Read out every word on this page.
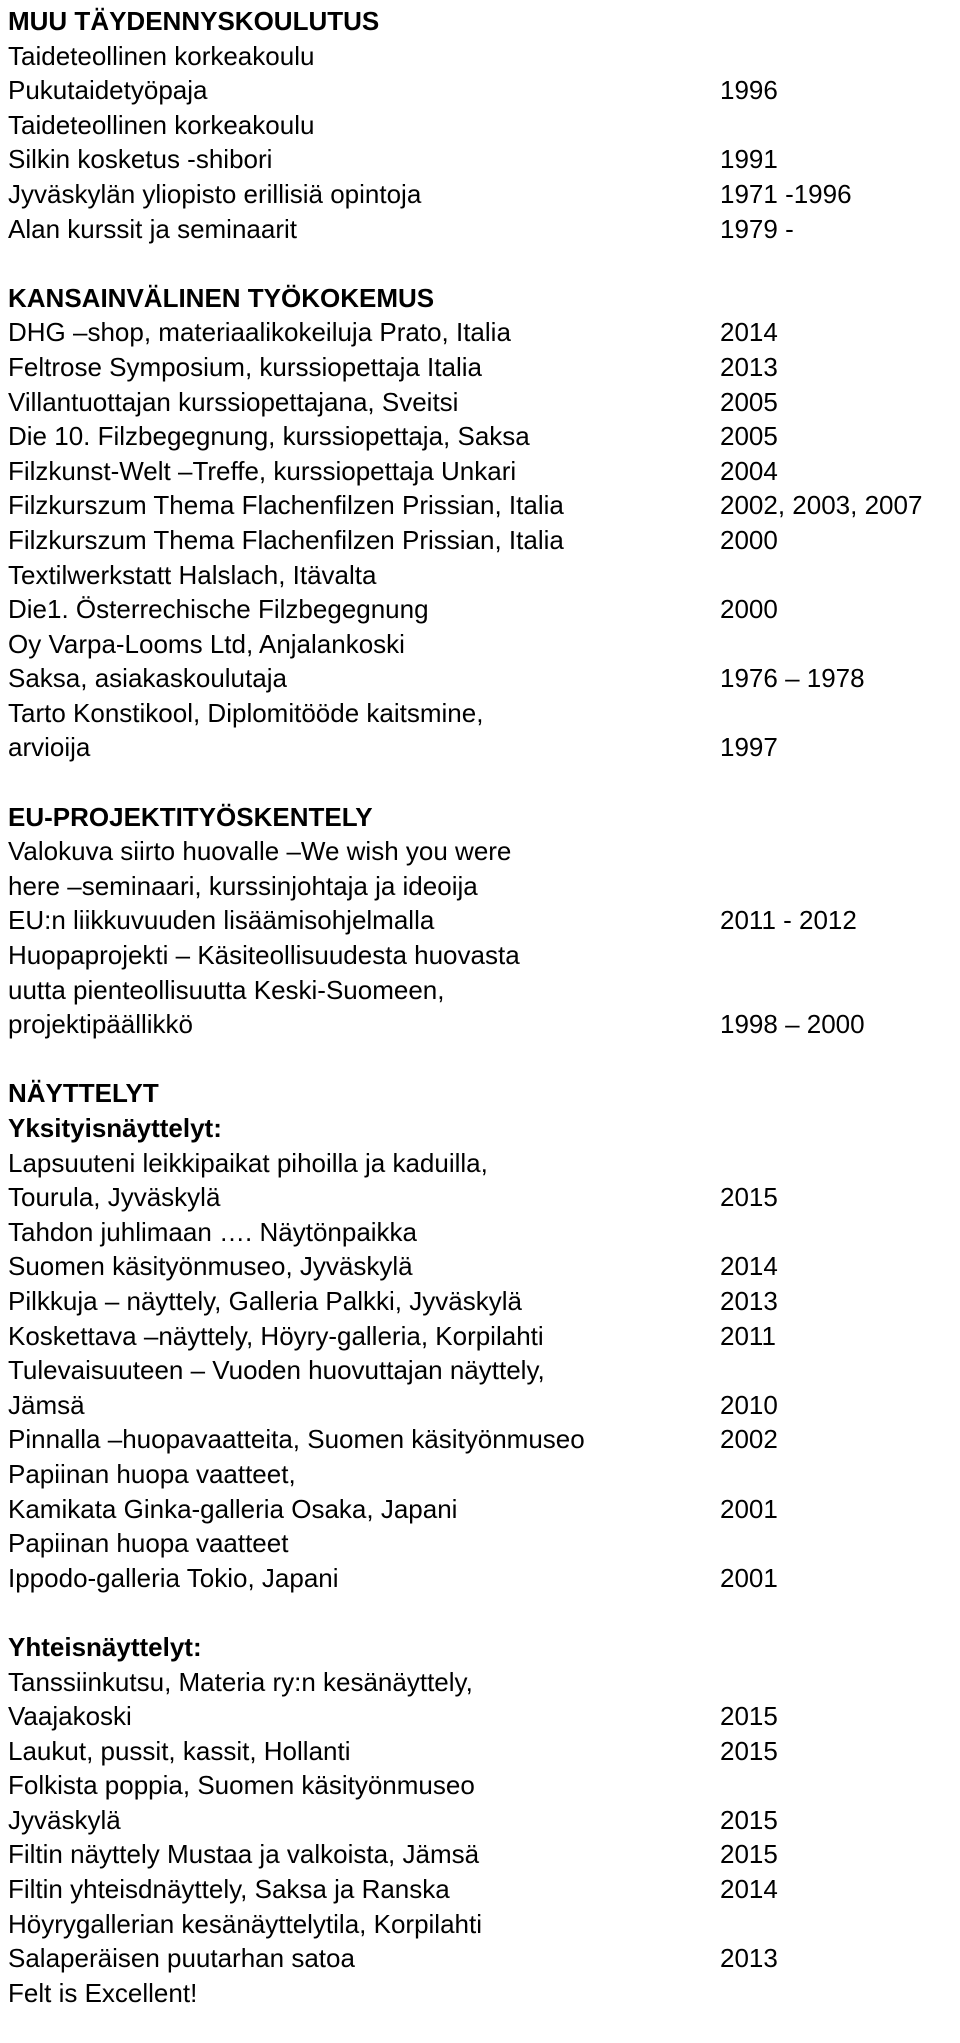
MUU TÄYDENNYSKOULUTUS
Taideteollinen korkeakoulu
Pukutaidetyöpaja	1996
Taideteollinen korkeakoulu
Silkin kosketus -shibori	1991
Jyväskylän yliopisto erillisiä opintoja	1971 -1996
Alan kurssit ja seminaarit	1979 -
KANSAINVÄLINEN TYÖKOKEMUS
DHG –shop, materiaalikokeiluja Prato, Italia	2014
Feltrose Symposium, kurssiopettaja Italia	2013
Villantuottajan kurssiopettajana, Sveitsi	2005
Die 10. Filzbegegnung, kurssiopettaja, Saksa	2005
Filzkunst-Welt –Treffe, kurssiopettaja Unkari	2004
Filzkurszum Thema Flachenfilzen Prissian, Italia	2002, 2003, 2007
Filzkurszum Thema Flachenfilzen Prissian, Italia	2000
Textilwerkstatt Halslach, Itävalta
Die1. Österrechische Filzbegegnung	2000
Oy Varpa-Looms Ltd, Anjalankoski
Saksa, asiakaskoulutaja	1976 – 1978
Tarto Konstikool, Diplomitööde kaitsmine,
arvioija	1997
EU-PROJEKTITYÖSKENTELY
Valokuva siirto huovalle –We wish you were
here –seminaari, kurssinjohtaja ja ideoija
EU:n liikkuvuuden lisäämisohjelmalla	2011 - 2012
Huopaprojekti – Käsiteollisuudesta huovasta
uutta pienteollisuutta Keski-Suomeen,
projektipäällikkö	1998 – 2000
NÄYTTELYT
Yksityisnäyttelyt:
Lapsuuteni leikkipaikat pihoilla ja kaduilla,
Tourula, Jyväskylä	2015
Tahdon juhlimaan …. Näytönpaikka
Suomen käsityönmuseo, Jyväskylä	2014
Pilkkuja – näyttely, Galleria Palkki, Jyväskylä	2013
Koskettava –näyttely, Höyry-galleria, Korpilahti	2011
Tulevaisuuteen – Vuoden huovuttajan näyttely,
Jämsä	2010
Pinnalla –huopavaatteita, Suomen käsityönmuseo	2002
Papiinan huopa vaatteet,
Kamikata Ginka-galleria Osaka, Japani	2001
Papiinan huopa vaatteet
Ippodo-galleria Tokio, Japani	2001
Yhteisnäyttelyt:
Tanssiinkutsu, Materia ry:n kesänäyttely,
Vaajakoski	2015
Laukut, pussit, kassit, Hollanti	2015
Folkista poppia, Suomen käsityönmuseo
Jyväskylä	2015
Filtin näyttely Mustaa ja valkoista, Jämsä	2015
Filtin yhteisdnäyttely, Saksa ja Ranska	2014
Höyrygallerian kesänäyttelytila, Korpilahti
Salaperäisen puutarhan satoa	2013
Felt is Excellent!
